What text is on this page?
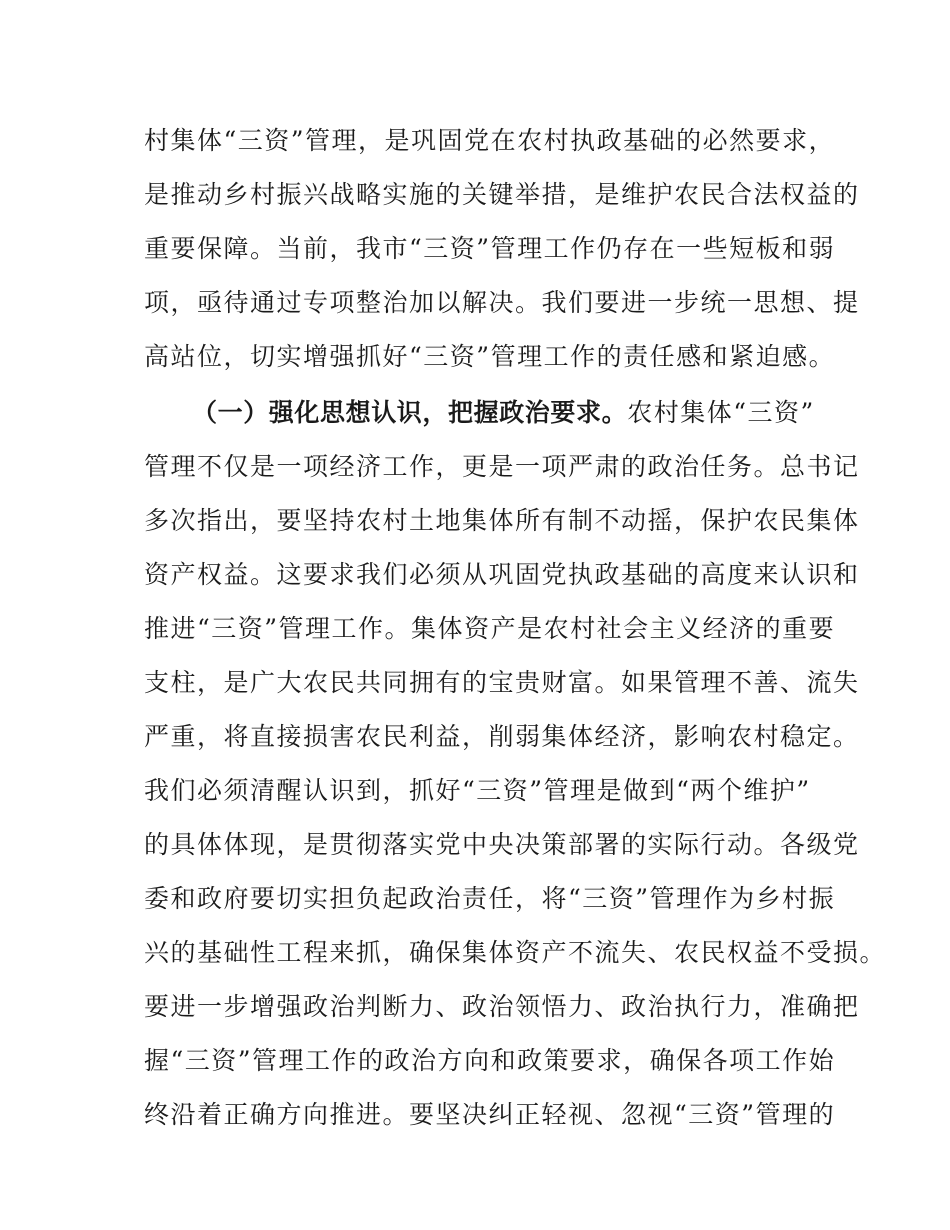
村集体“三资”管理，是巩固党在农村执政基础的必然要求，
是推动乡村振兴战略实施的关键举措，是维护农民合法权益的
重要保障。当前，我市“三资”管理工作仍存在一些短板和弱
项，亟待通过专项整治加以解决。我们要进一步统一思想、提
高站位，切实增强抓好“三资”管理工作的责任感和紧迫感。
（一）强化思想认识，把握政治要求。农村集体“三资”
管理不仅是一项经济工作，更是一项严肃的政治任务。总书记
多次指出，要坚持农村土地集体所有制不动摇，保护农民集体
资产权益。这要求我们必须从巩固党执政基础的高度来认识和
推进“三资”管理工作。集体资产是农村社会主义经济的重要
支柱，是广大农民共同拥有的宝贵财富。如果管理不善、流失
严重，将直接损害农民利益，削弱集体经济，影响农村稳定。
我们必须清醒认识到，抓好“三资”管理是做到“两个维护”
的具体体现，是贯彻落实党中央决策部署的实际行动。各级党
委和政府要切实担负起政治责任，将“三资”管理作为乡村振
兴的基础性工程来抓，确保集体资产不流失、农民权益不受损。
要进一步增强政治判断力、政治领悟力、政治执行力，准确把
握“三资”管理工作的政治方向和政策要求，确保各项工作始
终沿着正确方向推进。要坚决纠正轻视、忽视“三资”管理的
